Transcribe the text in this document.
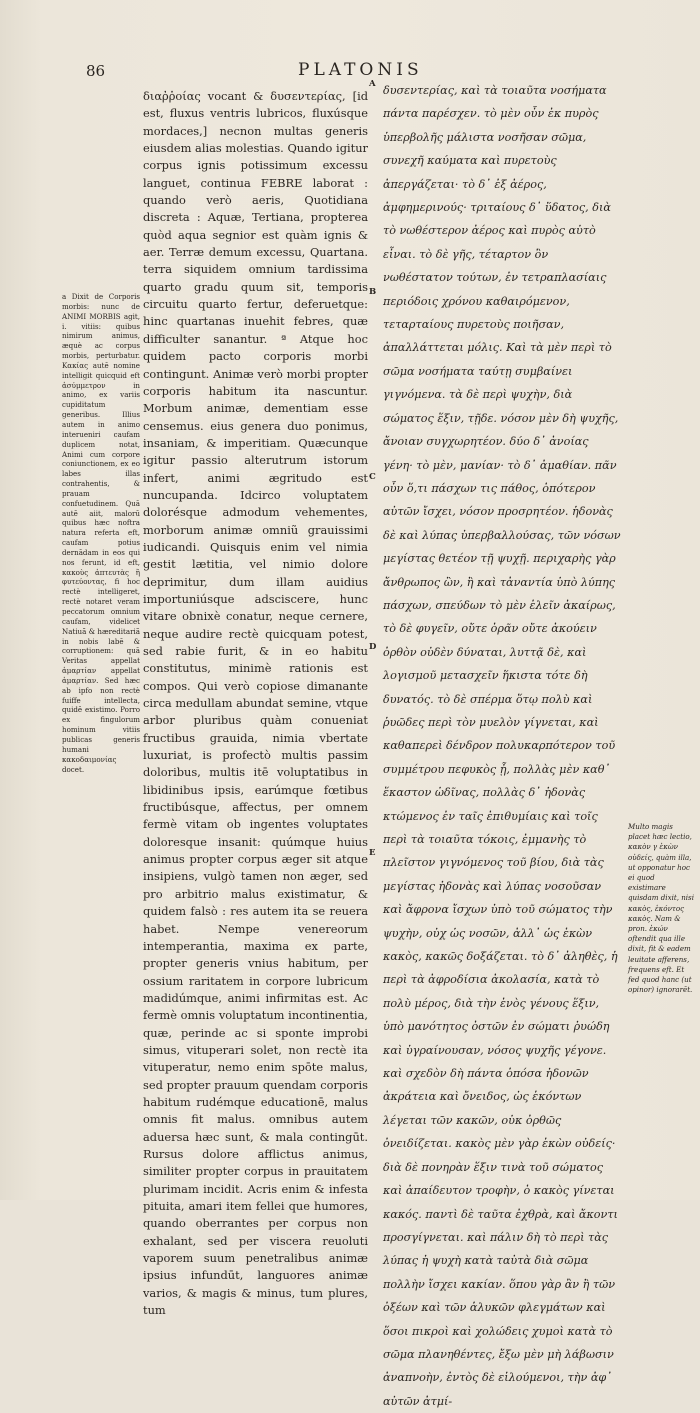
86	PLATONIS

διαῤῥοίας vocant & δυσεντερίας, [id est, fluxus ventris lubricos, fluxúsque mordaces,] necnon multas generis eiusdem alias molestias. Quando igitur corpus ignis potissimum excessu languet, continua FEBRE laborat : quando verò aeris, Quotidiana discreta : Aquæ, Tertiana, propterea quòd aqua segnior est quàm ignis & aer. Terræ demum excessu, Quartana. terra siquidem omnium tardissima quarto gradu quum sit, temporis circuitu quarto fertur, deferuetque: hinc quartanas inuehit febres, quæ difficulter sanantur. ª Atque hoc quidem pacto corporis morbi contingunt. Animæ verò morbi propter corporis habitum ita nascuntur. Morbum animæ, dementiam esse censemus. eius genera duo ponimus, insaniam, & imperitiam. Quæcunque igitur passio alterutrum istorum infert, animi ægritudo est nuncupanda. Idcirco voluptatem dolorésque admodum vehementes, morborum animæ omniũ grauissimi iudicandi. Quisquis enim vel nimia gestit lætitia, vel nimio dolore deprimitur, dum illam auidius importuniúsque adsciscere, hunc vitare obnixè conatur, neque cernere, neque audire rectè quicquam potest, sed rabie furit, & in eo habitu constitutus, minimè rationis est compos. Qui verò copiose dimanante circa medullam abundat semine, vtque arbor pluribus quàm conueniat fructibus grauida, nimia vbertate luxuriat, is profectò multis passim doloribus, multis itē voluptatibus in libidinibus ipsis, earúmque fœtibus fructibúsque, affectus, per omnem fermè vitam ob ingentes voluptates doloresque insanit: quúmque huius animus propter corpus æger sit atque insipiens, vulgò tamen non æger, sed pro arbitrio malus existimatur, & quidem falsò : res autem ita se reuera habet. Nempe venereorum intemperantia, maxima ex parte, propter generis vnius habitum, per ossium raritatem in corpore lubricum madidúmque, animi infirmitas est. Ac fermè omnis voluptatum incontinentia, quæ, perinde ac si sponte improbi simus, vituperari solet, non rectè ita vituperatur, nemo enim spōte malus, sed propter prauum quendam corporis habitum rudémque educationē, malus omnis fit malus. omnibus autem aduersa hæc sunt, & mala contingūt. Rursus dolore afflictus animus, similiter propter corpus in prauitatem plurimam incidit. Acris enim & infesta pituita, amari item fellei que humores, quando oberrantes per corpus non exhalant, sed per viscera reuoluti vaporem suum penetralibus animæ ipsius infundūt, languores animæ varios, & magis & minus, tum plures, tum

a Dixit de Corporis morbis: nunc de ANIMI MORBIS agit, i. vitiis: quibus nimirum animus, æquè ac corpus morbis, perturbatur. Κακίας autē nomine intelligit quicquid eft ἀσύμμετρον in animo, ex variis cupiditatum generibus. Illius autem in animo interueniri caufam duplicem notat, Animi cum corpore coniunctionem, ex eo labes illas contrahentis, & prauam confuetudinem. Quā autē aiit, malorū quibus hæc noftra natura referta eft, caufam potius dernādam in eos qui nos ferunt, id eft, κακοὺς ἀπτευτὰς ἢ φυτεύοντας, fi hoc rectè intelligeret, rectè notaret veram peccatorum omnium caufam, videlicet Natiuã & hæreditariã in nobis labē & corruptionem: quā Veritas appellat ἀμαρτίαν appellat ἀμαρτίαν. Sed hæc ab ipfo non rectè fuiffe intellecta, quidē existimo. Porro ex fingulorum hominum vitiis publicas generis humani κακοδαιμονίας docet.

A
B
C
D
E

δυσεντερίας, καὶ τὰ τοιαῦτα νοσήματα πάντα παρέσχεν. τὸ μὲν οὖν ἐκ πυρὸς ὑπερβολῆς μάλιστα νοσῆσαν σῶμα, συνεχῆ καύματα καὶ πυρετοὺς ἀπεργάζεται· τὸ δ᾽ ἐξ ἀέρος, ἀμφημερινούς· τριταίους δ᾽ ὕδατος, διὰ τὸ νωθέστερον ἀέρος καὶ πυρὸς αὐτὸ εἶναι. τὸ δὲ γῆς, τέταρτον ὂν νωθέστατον τούτων, ἐν τετραπλασίαις περιόδοις χρόνου καθαιρόμενον, τεταρταίους πυρετοὺς ποιῆσαν, ἀπαλλάττεται μόλις. Καὶ τὰ μὲν περὶ τὸ σῶμα νοσήματα ταύτῃ συμβαίνει γιγνόμενα. τὰ δὲ περὶ ψυχὴν, διὰ σώματος ἕξιν, τῇδε. νόσον μὲν δὴ ψυχῆς, ἄνοιαν συγχωρητέον. δύο δ᾽ ἀνοίας γένη· τὸ μὲν, μανίαν· τὸ δ᾽ ἀμαθίαν. πᾶν οὖν ὅ,τι πάσχων τις πάθος, ὁπότερον αὐτῶν ἴσχει, νόσον προσρητέον. ἡδονὰς δὲ καὶ λύπας ὑπερβαλλούσας, τῶν νόσων μεγίστας θετέον τῇ ψυχῇ. περιχαρὴς γὰρ ἄνθρωπος ὢν, ἢ καὶ τἀναντία ὑπὸ λύπης πάσχων, σπεύδων τὸ μὲν ἑλεῖν ἀκαίρως, τὸ δὲ φυγεῖν, οὔτε ὁρᾶν οὔτε ἀκούειν ὀρθὸν οὐδὲν δύναται, λυττᾷ δὲ, καὶ λογισμοῦ μετασχεῖν ἥκιστα τότε δὴ δυνατός. τὸ δὲ σπέρμα ὅτῳ πολὺ καὶ ῥυῶδες περὶ τὸν μυελὸν γίγνεται, καὶ καθαπερεὶ δένδρον πολυκαρπότερον τοῦ συμμέτρου πεφυκὸς ᾖ, πολλὰς μὲν καθ᾽ ἕκαστον ὠδῖνας, πολλὰς δ᾽ ἡδονὰς κτώμενος ἐν ταῖς ἐπιθυμίαις καὶ τοῖς περὶ τὰ τοιαῦτα τόκοις, ἐμμανὴς τὸ πλεῖστον γιγνόμενος τοῦ βίου, διὰ τὰς μεγίστας ἡδονὰς καὶ λύπας νοσοῦσαν καὶ ἄφρονα ἴσχων ὑπὸ τοῦ σώματος τὴν ψυχὴν, οὐχ ὡς νοσῶν, ἀλλ᾽ ὡς ἑκὼν κακὸς, κακῶς δοξάζεται. τὸ δ᾽ ἀληθὲς, ἡ περὶ τὰ ἀφροδίσια ἀκολασία, κατὰ τὸ πολὺ μέρος, διὰ τὴν ἑνὸς γένους ἕξιν, ὑπὸ μανότητος ὀστῶν ἐν σώματι ῥυώδη καὶ ὑγραίνουσαν, νόσος ψυχῆς γέγονε. καὶ σχεδὸν δὴ πάντα ὁπόσα ἡδονῶν ἀκράτεια καὶ ὄνειδος, ὡς ἑκόντων λέγεται τῶν κακῶν, οὐκ ὀρθῶς ὀνειδίζεται. κακὸς μὲν γὰρ ἑκὼν οὐδείς· διὰ δὲ πονηρὰν ἕξιν τινὰ τοῦ σώματος καὶ ἀπαίδευτον τροφὴν, ὁ κακὸς γίνεται κακός. παντὶ δὲ ταῦτα ἐχθρὰ, καὶ ἄκοντι προσγίγνεται. καὶ πάλιν δὴ τὸ περὶ τὰς λύπας ἡ ψυχὴ κατὰ ταὐτὰ διὰ σῶμα πολλὴν ἴσχει κακίαν. ὅπου γὰρ ἂν ἢ τῶν ὀξέων καὶ τῶν ἁλυκῶν φλεγμάτων καὶ ὅσοι πικροὶ καὶ χολώδεις χυμοὶ κατὰ τὸ σῶμα πλανηθέντες, ἔξω μὲν μὴ λάβωσιν ἀναπνοὴν, ἐντὸς δὲ εἱλούμενοι, τὴν ἀφ᾽ αὐτῶν ἀτμί-

Multo magis placet hæc lectio, κακὸν γ ἑκὼν οὐδείς, quàm illa, ut opponatur hoc ei quod existimare quisdam dixit, nisi κακὸς, ἑκόντος κακὸς. Nam & pron. ἑκών oftendit qua ille dixit, fit & eadem leuitate afferens, frequens eft. Et fed quod hanc (ut opinor) ignorarēt.
